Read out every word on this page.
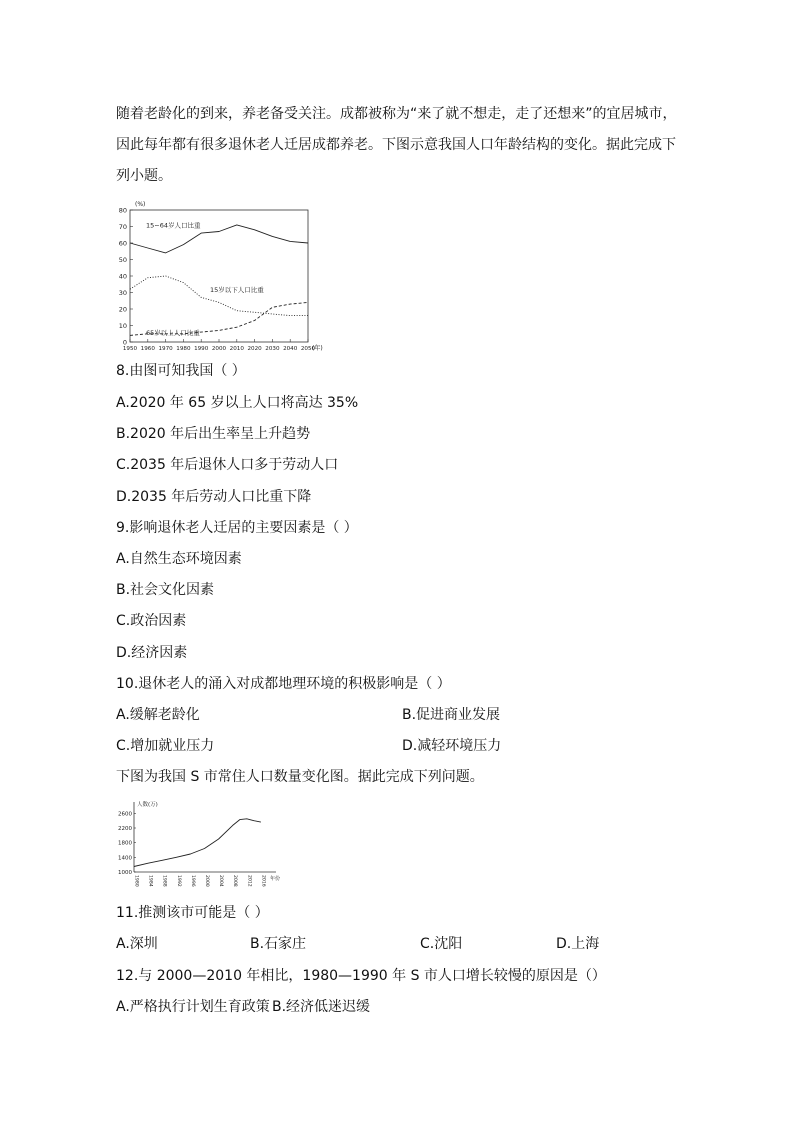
随着老龄化的到来，养老备受关注。成都被称为“来了就不想走，走了还想来”的宜居城市，
因此每年都有很多退休老人迁居成都养老。下图示意我国人口年龄结构的变化。据此完成下
列小题。
0
10
20
30
40
50
60
70
80
1950 1960 1970 1980 1990 2000 2010 2020 2030 2040 2050
(%)
(年)
15~64岁人口比重
15岁以下人口比重
65岁以上人口比重
8.由图可知我国（ ）
A.2020 年 65 岁以上人口将高达 35%
B.2020 年后出生率呈上升趋势
C.2035 年后退休人口多于劳动人口
D.2035 年后劳动人口比重下降
9.影响退休老人迁居的主要因素是（ ）
A.自然生态环境因素
B.社会文化因素
C.政治因素
D.经济因素
10.退休老人的涌入对成都地理环境的积极影响是（ ）
A.缓解老龄化	B.促进商业发展
C.增加就业压力	D.减轻环境压力
下图为我国 S 市常住人口数量变化图。据此完成下列问题。
人数(万)
1000
1400
1800
2200
2600
1980 1984 1988 1992 1996 2000 2004 2008 2012 2016 年份
11.推测该市可能是（ ）
A.深圳	B.石家庄	C.沈阳	D.上海
12.与 2000—2010 年相比，1980—1990 年 S 市人口增长较慢的原因是（）
A.严格执行计划生育政策 B.经济低迷迟缓
